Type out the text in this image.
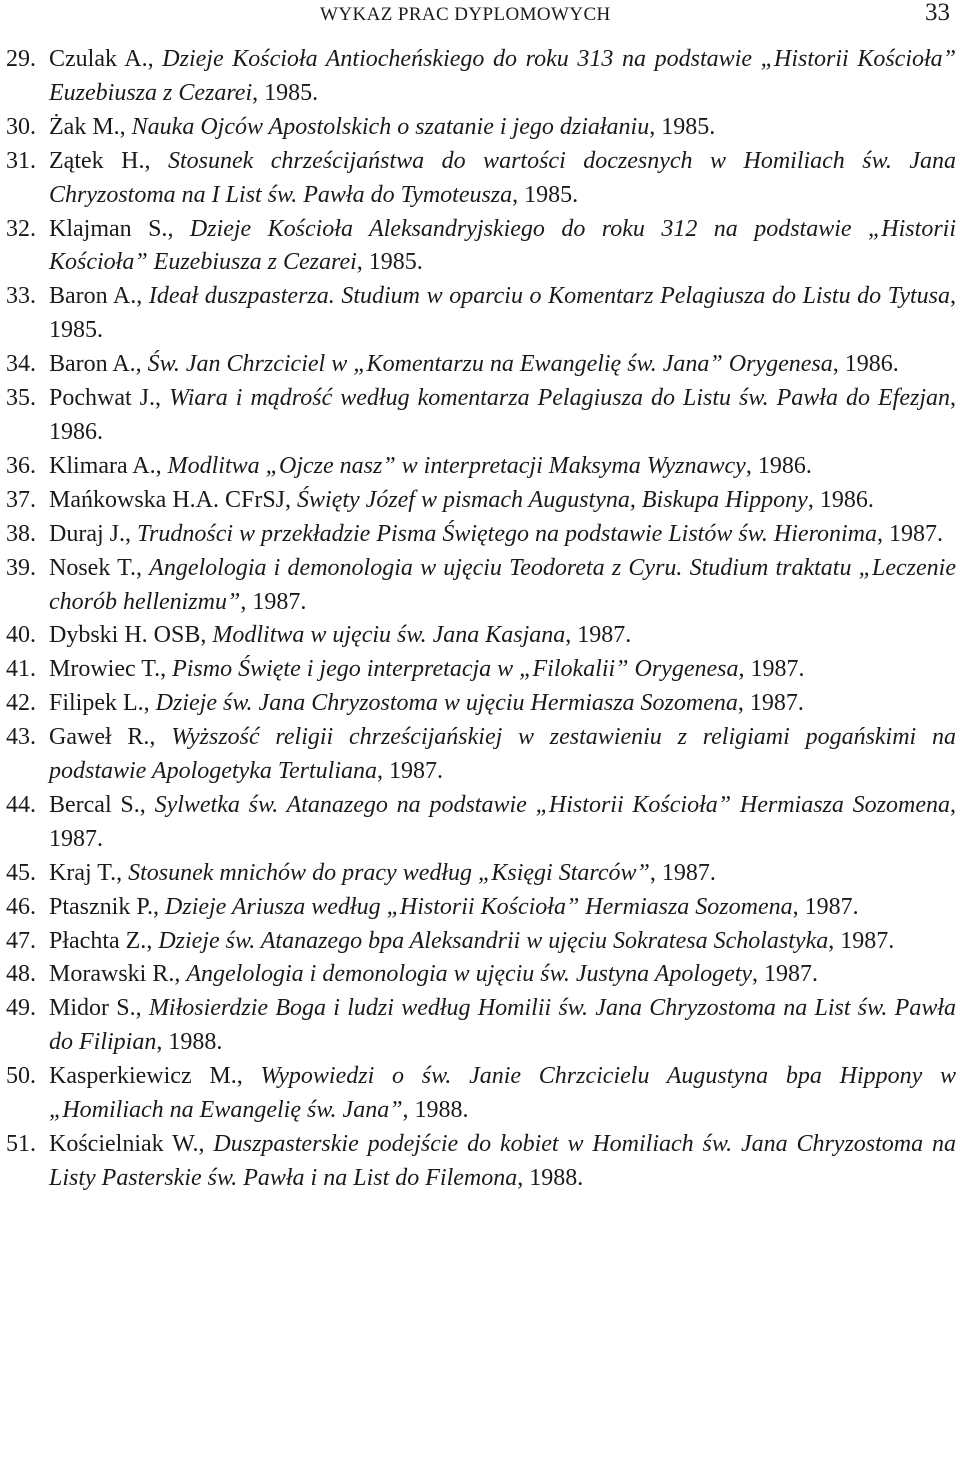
WYKAZ PRAC DYPLOMOWYCH	33
29. Czulak A., Dzieje Kościoła Antiocheńskiego do roku 313 na podstawie „Historii Kościoła” Euzebiusza z Cezarei, 1985.
30. Żak M., Nauka Ojców Apostolskich o szatanie i jego działaniu, 1985.
31. Zątek H., Stosunek chrześcijaństwa do wartości doczesnych w Homiliach św. Jana Chryzostoma na I List św. Pawła do Tymoteusza, 1985.
32. Klajman S., Dzieje Kościoła Aleksandryjskiego do roku 312 na podstawie „Historii Kościoła” Euzebiusza z Cezarei, 1985.
33. Baron A., Ideał duszpasterza. Studium w oparciu o Komentarz Pelagiusza do Listu do Tytusa, 1985.
34. Baron A., Św. Jan Chrzciciel w „Komentarzu na Ewangelię św. Jana” Orygenesa, 1986.
35. Pochwat J., Wiara i mądrość według komentarza Pelagiusza do Listu św. Pawła do Efezjan, 1986.
36. Klimara A., Modlitwa „Ojcze nasz” w interpretacji Maksyma Wyznawcy, 1986.
37. Mańkowska H.A. CFrSJ, Święty Józef w pismach Augustyna, Biskupa Hippony, 1986.
38. Duraj J., Trudności w przekładzie Pisma Świętego na podstawie Listów św. Hieronima, 1987.
39. Nosek T., Angelologia i demonologia w ujęciu Teodoreta z Cyru. Studium traktatu „Leczenie chorób hellenizmu”, 1987.
40. Dybski H. OSB, Modlitwa w ujęciu św. Jana Kasjana, 1987.
41. Mrowiec T., Pismo Święte i jego interpretacja w „Filokalii” Orygenesa, 1987.
42. Filipek L., Dzieje św. Jana Chryzostoma w ujęciu Hermiasza Sozomena, 1987.
43. Gaweł R., Wyższość religii chrześcijańskiej w zestawieniu z religiami pogańskimi na podstawie Apologetyka Tertuliana, 1987.
44. Bercal S., Sylwetka św. Atanazego na podstawie „Historii Kościoła” Hermiasza Sozomena, 1987.
45. Kraj T., Stosunek mnichów do pracy według „Księgi Starców”, 1987.
46. Ptasznik P., Dzieje Ariusza według „Historii Kościoła” Hermiasza Sozomena, 1987.
47. Płachta Z., Dzieje św. Atanazego bpa Aleksandrii w ujęciu Sokratesa Scholastyka, 1987.
48. Morawski R., Angelologia i demonologia w ujęciu św. Justyna Apologety, 1987.
49. Midor S., Miłosierdzie Boga i ludzi według Homilii św. Jana Chryzostoma na List św. Pawła do Filipian, 1988.
50. Kasperkiewicz M., Wypowiedzi o św. Janie Chrzcicielu Augustyna bpa Hippony w „Homiliach na Ewangelię św. Jana”, 1988.
51. Kościelniak W., Duszpasterskie podejście do kobiet w Homiliach św. Jana Chryzostoma na Listy Pasterskie św. Pawła i na List do Filemona, 1988.
